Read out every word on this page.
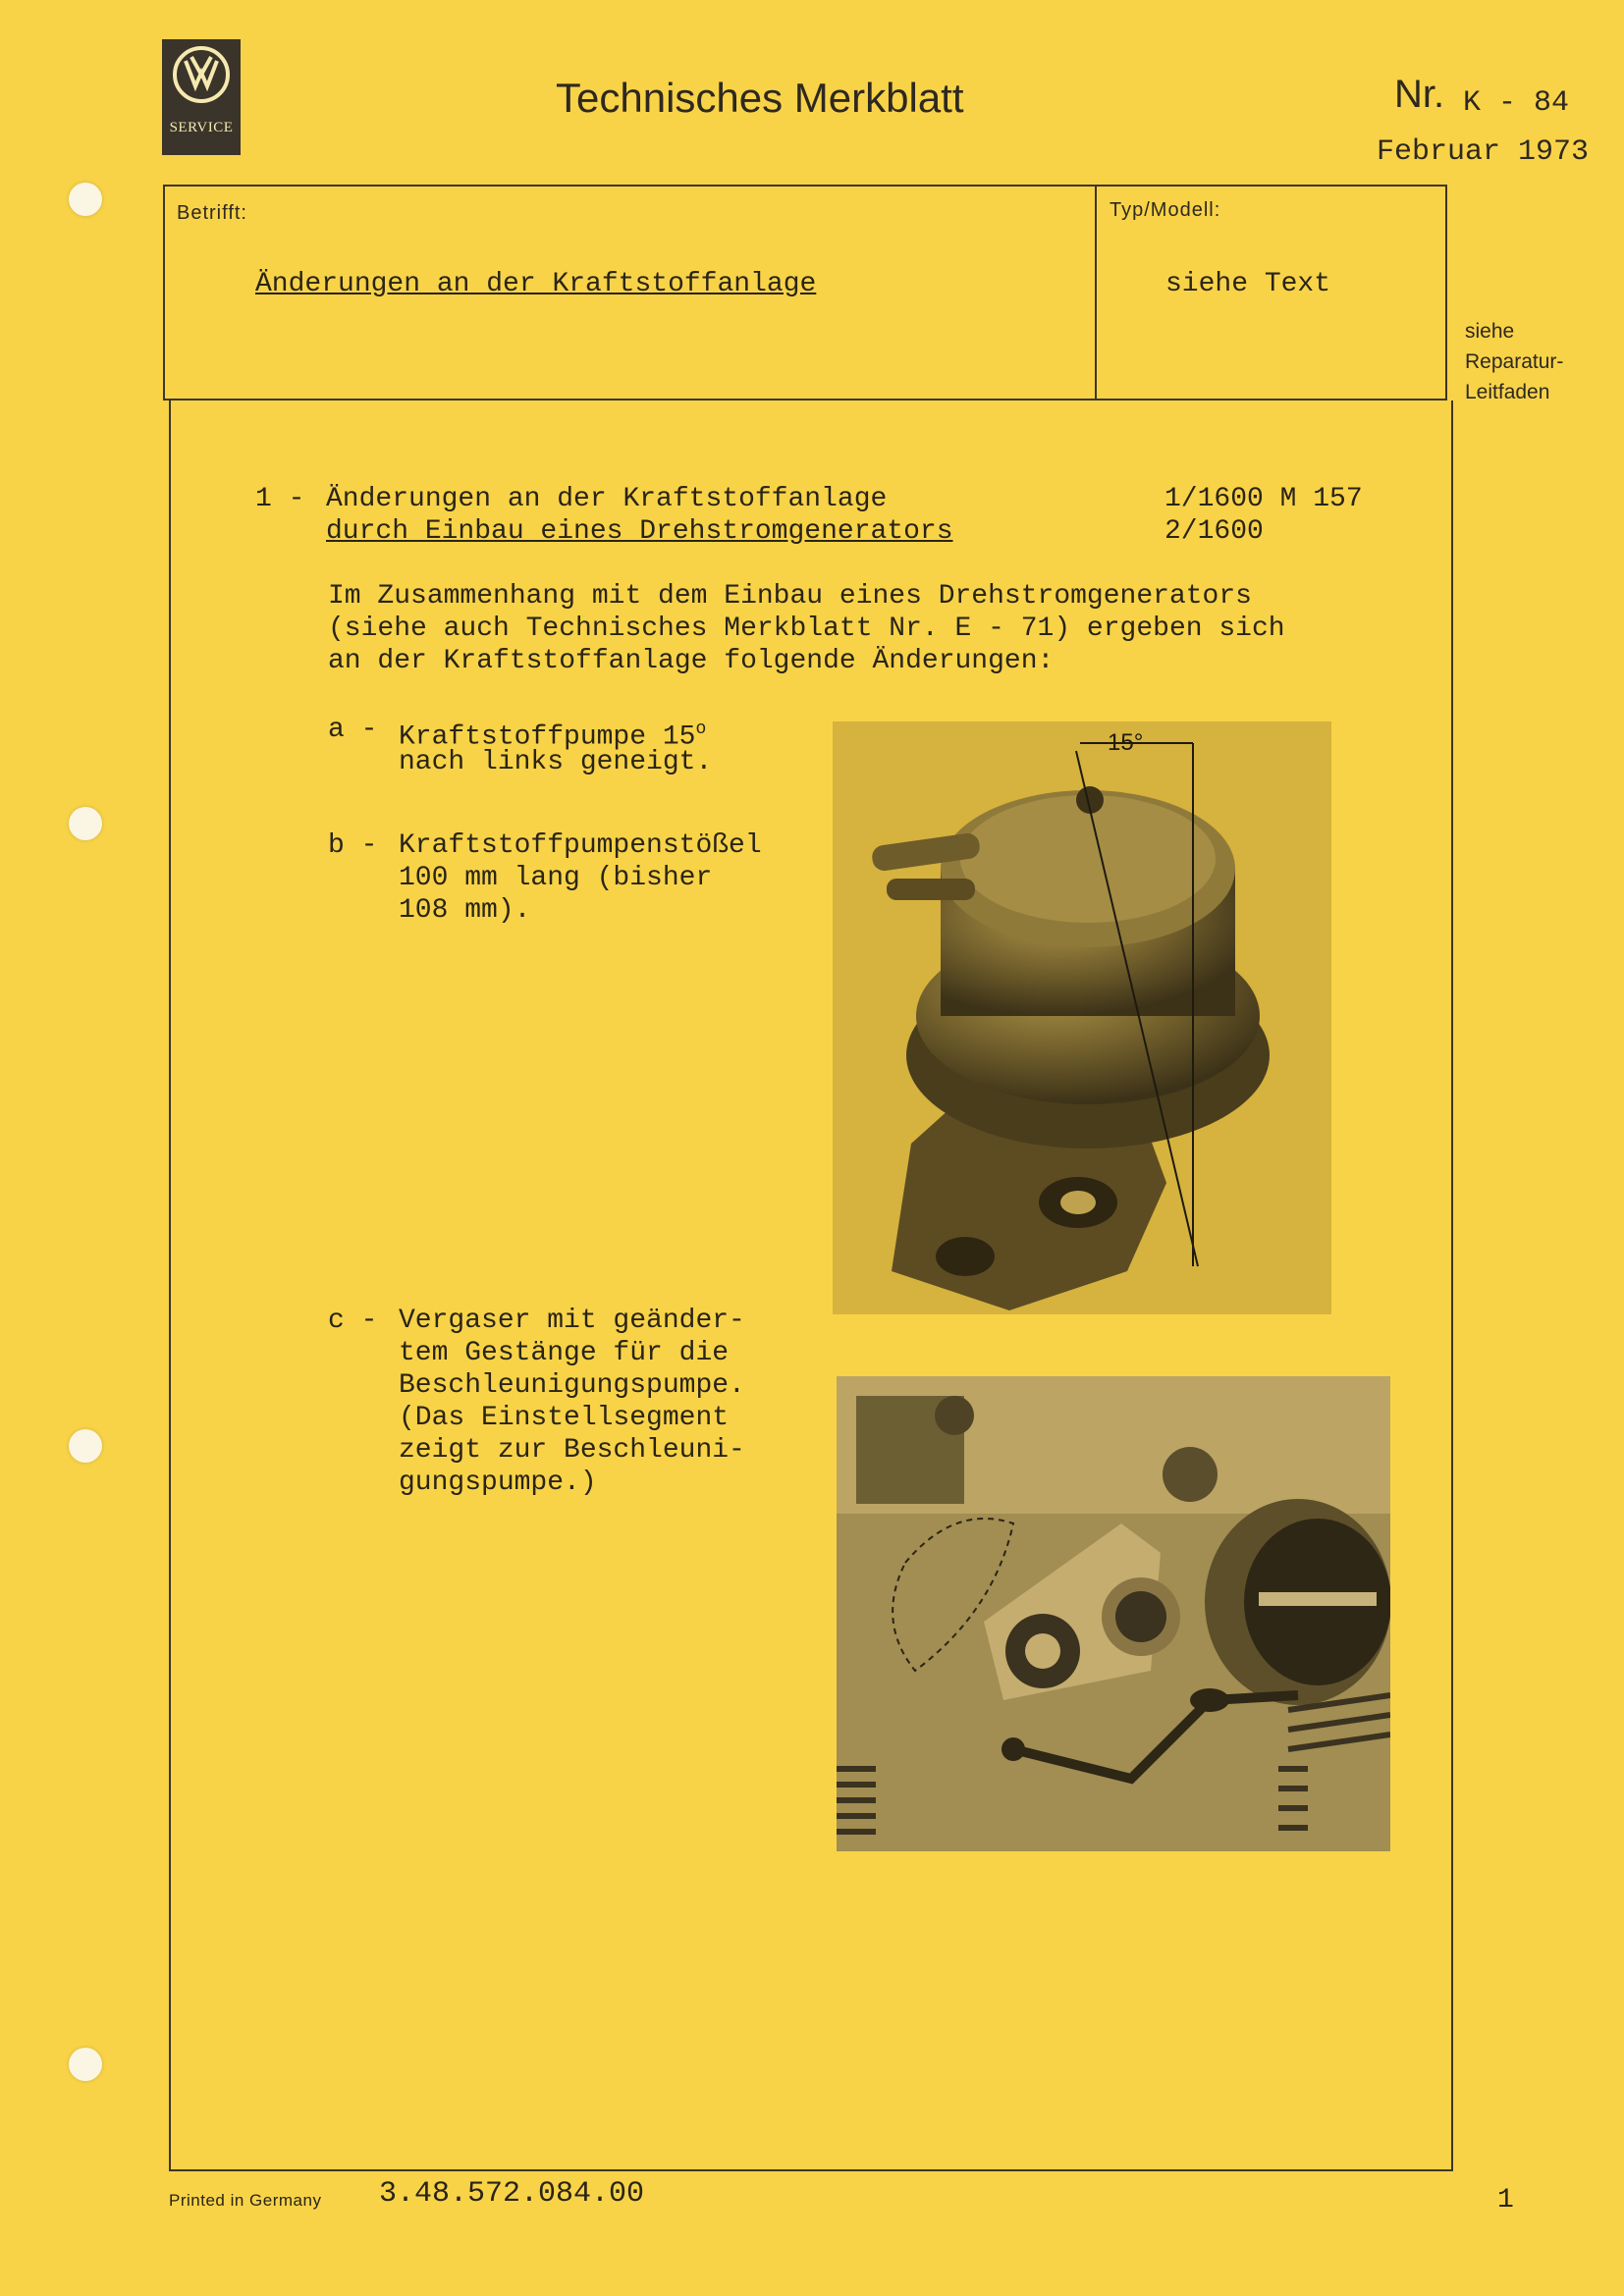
SERVICE
Technisches Merkblatt	Nr. K - 84
Februar 1973
Betrifft:
Änderungen an der Kraftstoffanlage
Typ/Modell:
siehe Text
siehe
Reparatur-
Leitfaden
1 - Änderungen an der Kraftstoffanlage
durch Einbau eines Drehstromgenerators
1/1600 M 157
2/1600
Im Zusammenhang mit dem Einbau eines Drehstromgenerators
(siehe auch Technisches Merkblatt Nr. E - 71) ergeben sich
an der Kraftstoffanlage folgende Änderungen:
a - Kraftstoffpumpe 15$^o$
nach links geneigt.
b - Kraftstoffpumpenstößel
100 mm lang (bisher
108 mm).
c - Vergaser mit geänder-
tem Gestänge für die
Beschleunigungspumpe.
(Das Einstellsegment
zeigt zur Beschleuni-
gungspumpe.)
15°
Printed in Germany 3.48.572.084.00	1
